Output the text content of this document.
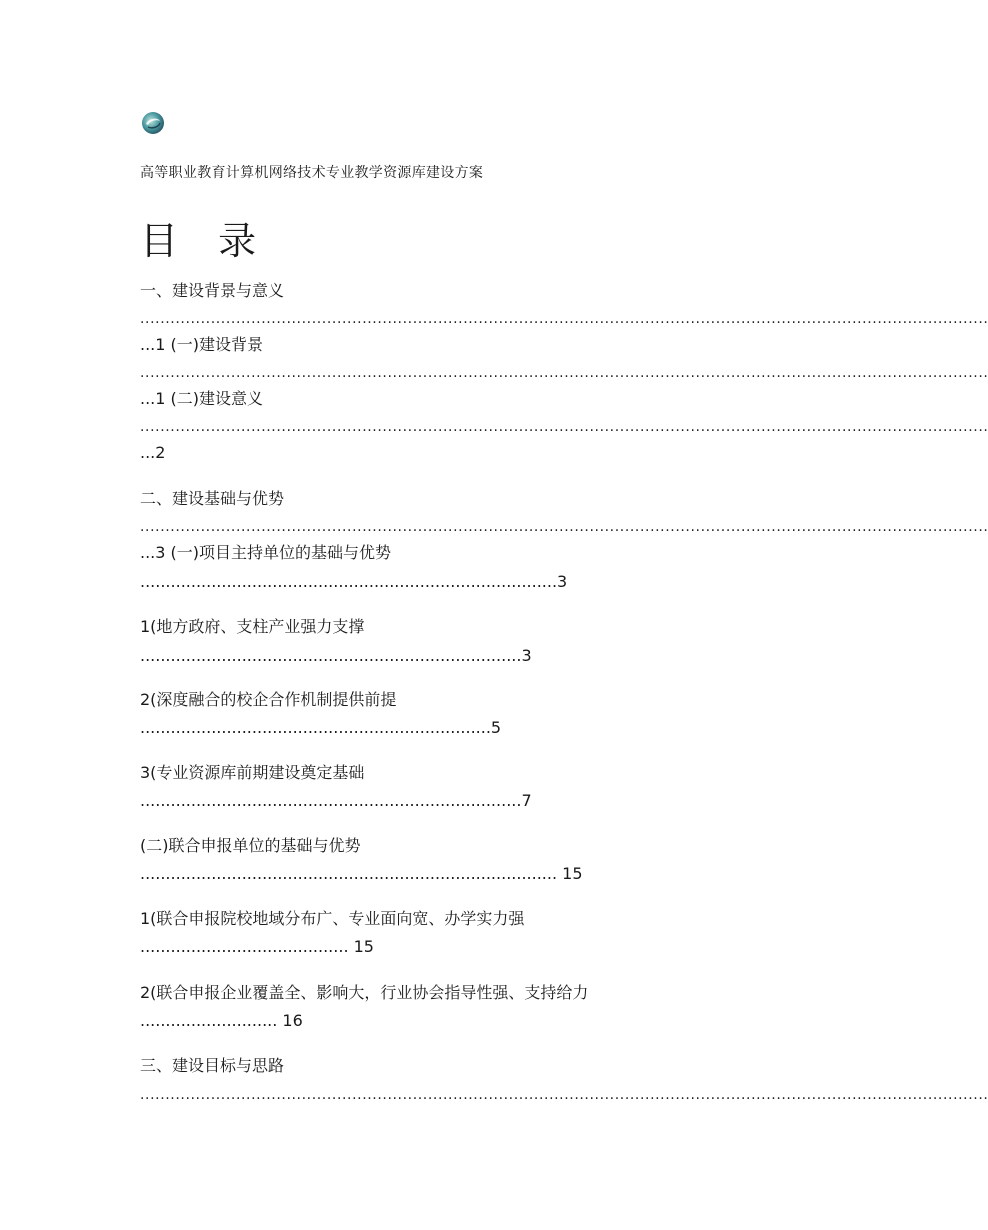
高等职业教育计算机网络技术专业教学资源库建设方案
目 录
一、建设背景与意义
........................................................................................................................................................................
...1 (一)建设背景
........................................................................................................................................................................
...1 (二)建设意义
........................................................................................................................................................................
...2
二、建设基础与优势
........................................................................................................................................................................
...3 (一)项目主持单位的基础与优势
..................................................................................3
1(地方政府、支柱产业强力支撑
...........................................................................3
2(深度融合的校企合作机制提供前提
.....................................................................5
3(专业资源库前期建设奠定基础
...........................................................................7
(二)联合申报单位的基础与优势
.................................................................................. 15
1(联合申报院校地域分布广、专业面向宽、办学实力强
......................................... 15
2(联合申报企业覆盖全、影响大，行业协会指导性强、支持给力
........................... 16
三、建设目标与思路
........................................................................................................................................................................
